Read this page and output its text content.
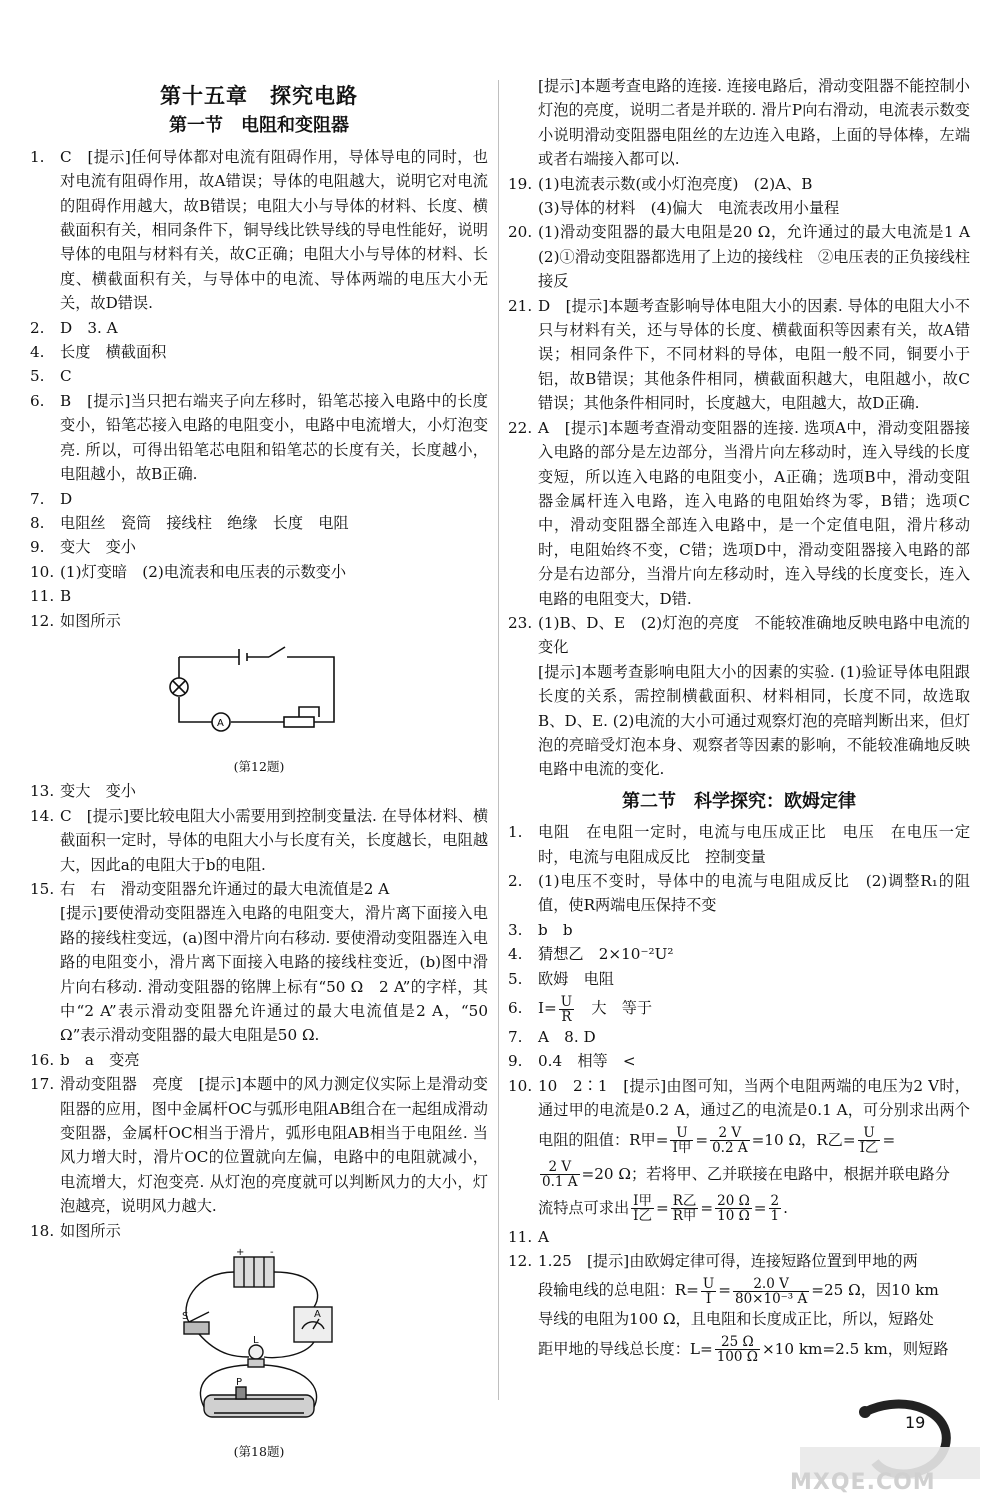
第十五章　探究电路
第一节　电阻和变阻器
1. C　[提示]任何导体都对电流有阻碍作用，导体导电的同时，也对电流有阻碍作用，故A错误；导体的电阻越大，说明它对电流的阻碍作用越大，故B错误；电阻大小与导体的材料、长度、横截面积有关，相同条件下，铜导线比铁导线的导电性能好，说明导体的电阻与材料有关，故C正确；电阻大小与导体的材料、长度、横截面积有关，与导体中的电流、导体两端的电压大小无关，故D错误.
2. D　3. A
4. 长度　横截面积
5. C
6. B　[提示]当只把右端夹子向左移时，铅笔芯接入电路中的长度变小，铅笔芯接入电路的电阻变小，电路中电流增大，小灯泡变亮. 所以，可得出铅笔芯电阻和铅笔芯的长度有关，长度越小，电阻越小，故B正确.
7. D
8. 电阻丝　瓷筒　接线柱　绝缘　长度　电阻
9. 变大　变小
10. (1)灯变暗　(2)电流表和电压表的示数变小
11. B
12. 如图所示
A
(第12题)
13. 变大　变小
14. C　[提示]要比较电阻大小需要用到控制变量法. 在导体材料、横截面积一定时，导体的电阻大小与长度有关，长度越长，电阻越大，因此a的电阻大于b的电阻.
15. 右　右　滑动变阻器允许通过的最大电流值是2 A
[提示]要使滑动变阻器连入电路的电阻变大，滑片离下面接入电路的接线柱变远，(a)图中滑片向右移动. 要使滑动变阻器连入电路的电阻变小，滑片离下面接入电路的接线柱变近，(b)图中滑片向右移动. 滑动变阻器的铭牌上标有“50 Ω　2 A”的字样，其中“2 A”表示滑动变阻器允许通过的最大电流值是2 A，“50 Ω”表示滑动变阻器的最大电阻是50 Ω.
16. b　a　变亮
17. 滑动变阻器　亮度　[提示]本题中的风力测定仪实际上是滑动变阻器的应用，图中金属杆OC与弧形电阻AB组合在一起组成滑动变阻器，金属杆OC相当于滑片，弧形电阻AB相当于电阻丝. 当风力增大时，滑片OC的位置就向左偏，电路中的电阻就减小，电流增大，灯泡变亮. 从灯泡的亮度就可以判断风力的大小，灯泡越亮，说明风力越大.
18. 如图所示
+	-
S	A
L
P
(第18题)
[提示]本题考查电路的连接. 连接电路后，滑动变阻器不能控制小灯泡的亮度，说明二者是并联的. 滑片P向右滑动，电流表示数变小说明滑动变阻器电阻丝的左边连入电路，上面的导体棒，左端或者右端接入都可以.
19. (1)电流表示数(或小灯泡亮度)　(2)A、B
(3)导体的材料　(4)偏大　电流表改用小量程
20. (1)滑动变阻器的最大电阻是20 Ω，允许通过的最大电流是1 A　(2)①滑动变阻器都选用了上边的接线柱　②电压表的正负接线柱接反
21. D　[提示]本题考查影响导体电阻大小的因素. 导体的电阻大小不只与材料有关，还与导体的长度、横截面积等因素有关，故A错误；相同条件下，不同材料的导体，电阻一般不同，铜要小于铝，故B错误；其他条件相同，横截面积越大，电阻越小，故C错误；其他条件相同时，长度越大，电阻越大，故D正确.
22. A　[提示]本题考查滑动变阻器的连接. 选项A中，滑动变阻器接入电路的部分是左边部分，当滑片向左移动时，连入导线的长度变短，所以连入电路的电阻变小，A正确；选项B中，滑动变阻器金属杆连入电路，连入电路的电阻始终为零，B错；选项C中，滑动变阻器全部连入电路中，是一个定值电阻，滑片移动时，电阻始终不变，C错；选项D中，滑动变阻器接入电路的部分是右边部分，当滑片向左移动时，连入导线的长度变长，连入电路的电阻变大，D错.
23. (1)B、D、E　(2)灯泡的亮度　不能较准确地反映电路中电流的变化
[提示]本题考查影响电阻大小的因素的实验. (1)验证导体电阻跟长度的关系，需控制横截面积、材料相同，长度不同，故选取B、D、E. (2)电流的大小可通过观察灯泡的亮暗判断出来，但灯泡的亮暗受灯泡本身、观察者等因素的影响，不能较准确地反映电路中电流的变化.
第二节　科学探究：欧姆定律
1. 电阻　在电阻一定时，电流与电压成正比　电压　在电压一定时，电流与电阻成反比　控制变量
2. (1)电压不变时，导体中的电流与电阻成反比　(2)调整R₁的阻值，使R两端电压保持不变
3. b　b
4. 猜想乙　2×10⁻²U²
5. 欧姆　电阻
6. $I= \frac{U}{R}$ 　大　等于
7. A　8. D
9. 0.4　相等　<
10. 10　2∶1　[提示]由图可知，当两个电阻两端的电压为2 V时，通过甲的电流是0.2 A，通过乙的电流是0.1 A，可分别求出两个电阻的阻值：R甲= $\frac{U}{\text{I甲}} = \frac{2 V}{0.2 A} =10$ Ω，R乙= $\frac{U}{\text{I乙}}$ =
$\frac{2 V}{0.1 A} =20$ Ω；若将甲、乙并联接在电路中，根据并联电路分
流特点可求出 $\frac{\text{I甲}}{\text{I乙}} = \frac{\text{R乙}}{\text{R甲}} = \frac{20 \Omega}{10 \Omega} = \frac{2}{1}$ .
11. A
12. 1.25　[提示]由欧姆定律可得，连接短路位置到甲地的两
段输电线的总电阻：$R= \frac{U}{I} = \frac{2.0 V}{\text{80×10⁻³ A}} =25$ Ω，因10 km
导线的电阻为100 Ω，且电阻和长度成正比，所以，短路处
距甲地的导线总长度：$L= \frac{25 \Omega}{100 \Omega} \times 10$ km=2.5 km，则短路
19
MXQE.COM
